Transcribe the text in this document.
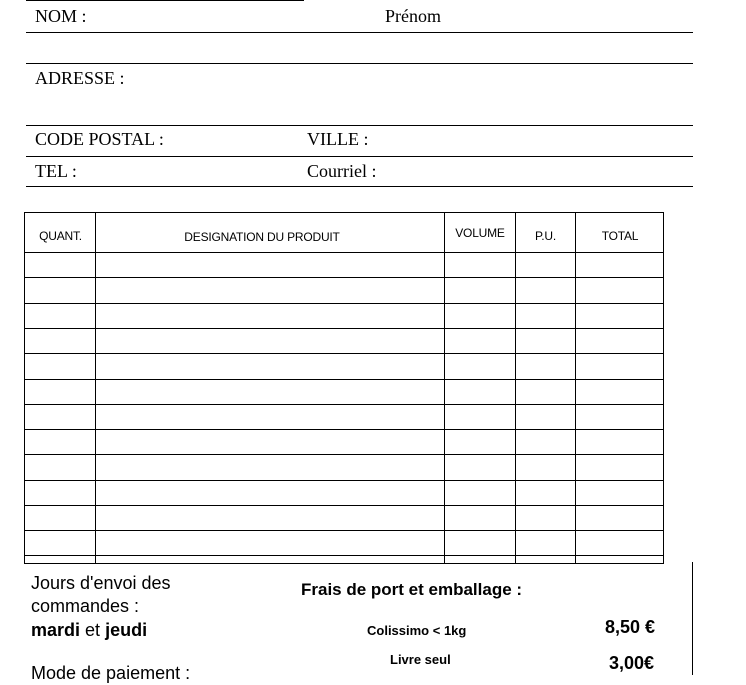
NOM :	Prénom
ADRESSE :
CODE POSTAL :	VILLE :
TEL :	Courriel :
QUANT.	DESIGNATION DU PRODUIT	VOLUME	P.U.	TOTAL
Jours d'envoi des
commandes :
mardi et jeudi
Mode de paiement :
Frais de port et emballage :
Colissimo < 1kg	8,50 €
Livre seul	3,00€
